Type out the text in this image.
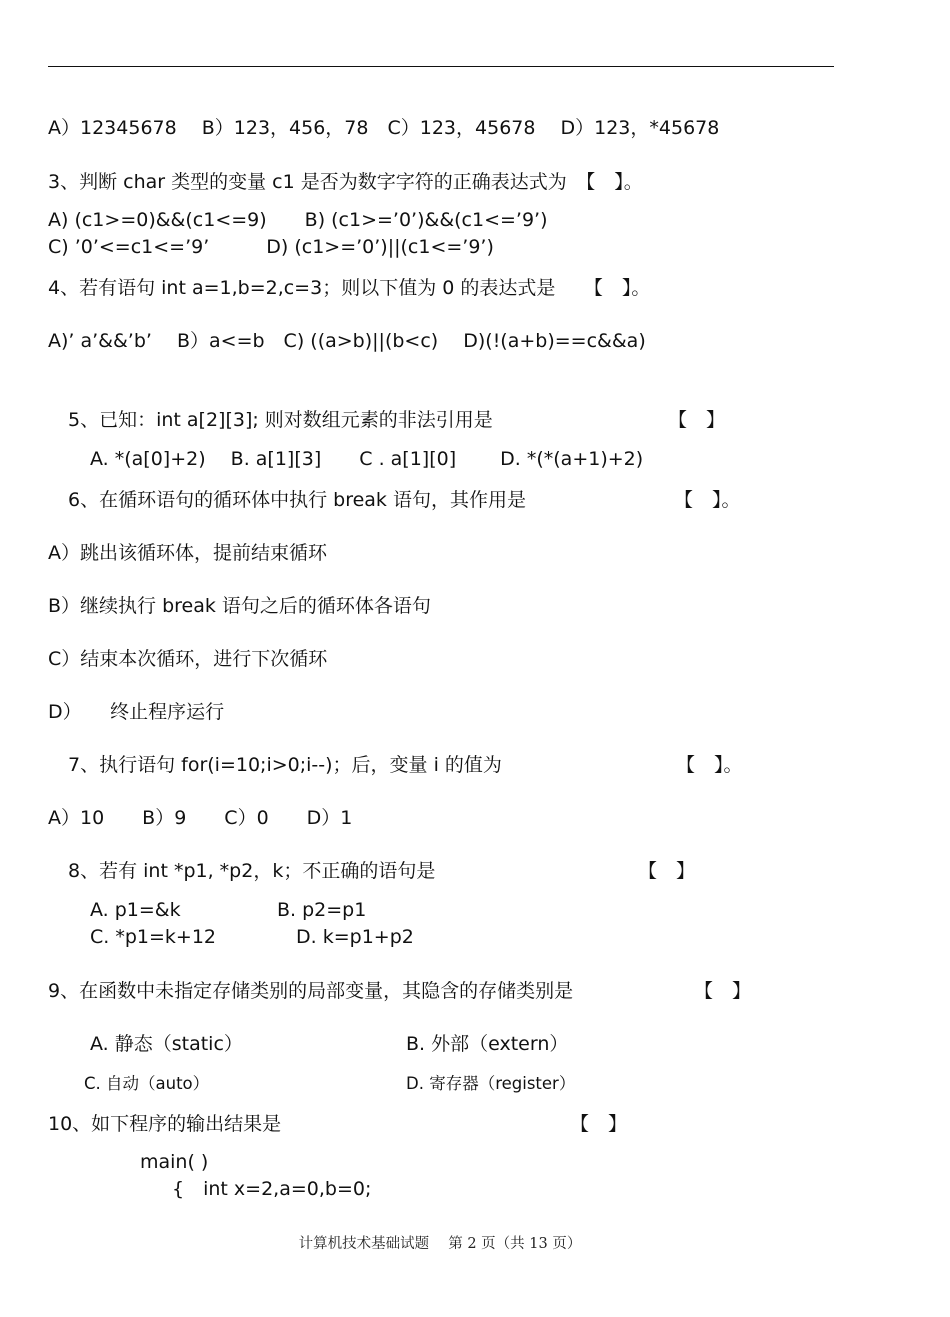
A）12345678　 B）123，456，78　C）123，45678　 D）123，*45678
3、判断 char 类型的变量 c1 是否为数字字符的正确表达式为　【　】。
A) (c1>=0)&&(c1<=9)　　B) (c1>=’0’)&&(c1<=’9’)
C) ’0’<=c1<=’9’　　　D) (c1>=’0’)||(c1<=’9’)
4、若有语句 int a=1,b=2,c=3；则以下值为 0 的表达式是　　【　】。
A)’ a’&&’b’　 B）a<=b　C) ((a>b)||(b<c)　 D)(!(a+b)==c&&a)
5、已知：int a[2][3]; 则对数组元素的非法引用是	【　】
A. *(a[0]+2)　 B. a[1][3]　　C . a[1][0]　　 D. *(*(a+1)+2)
6、在循环语句的循环体中执行 break 语句，其作用是	【　】。
A）跳出该循环体，提前结束循环
B）继续执行 break 语句之后的循环体各语句
C）结束本次循环，进行下次循环
D）　　终止程序运行
7、执行语句 for(i=10;i>0;i--)；后，变量 i 的值为	【　】。
A）10　　B）9　　C）0　　D）1
8、若有 int *p1, *p2，k；不正确的语句是	【　】
A. p1=&k	B. p2=p1
C. *p1=k+12	D. k=p1+p2
9、在函数中未指定存储类别的局部变量，其隐含的存储类别是	【　】
A. 静态（static）	B. 外部（extern）
C. 自动（auto）	D. 寄存器（register）
10、如下程序的输出结果是	【　】
main( )
{　int x=2,a=0,b=0;
计算机技术基础试题　 第 2 页（共 13 页）
